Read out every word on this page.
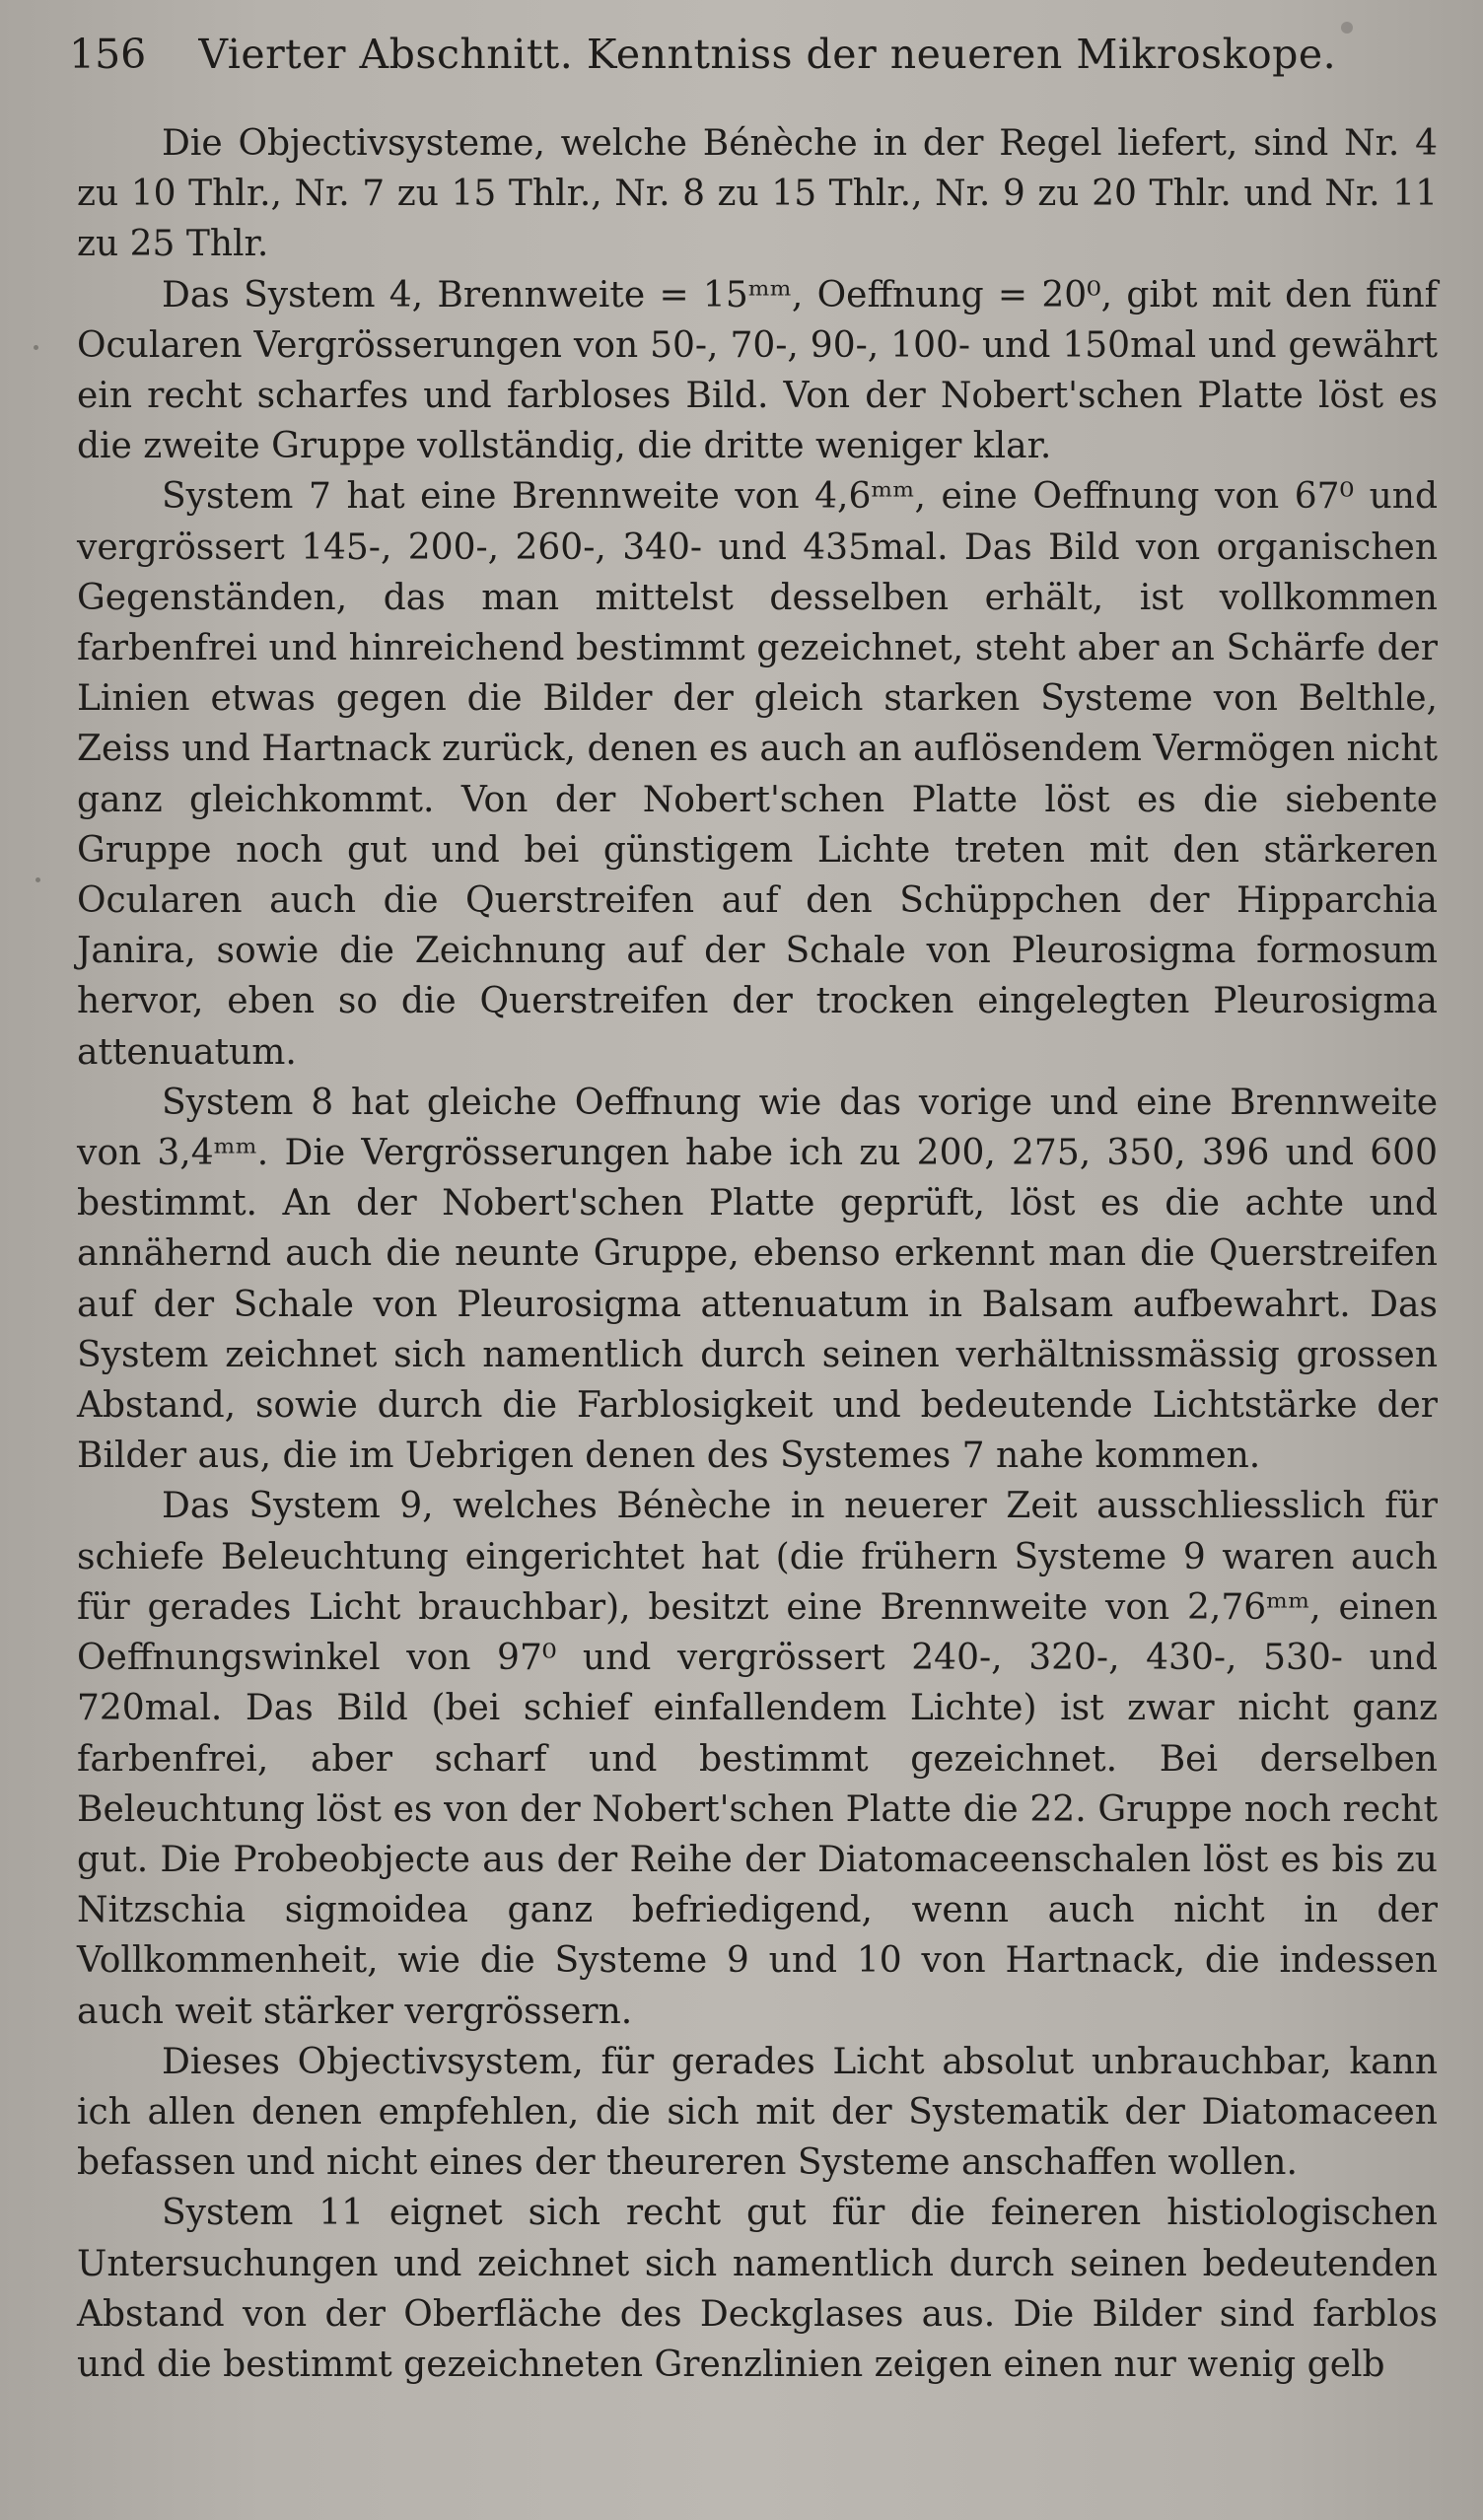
156 Vierter Abschnitt. Kenntniss der neueren Mikroskope.

Die Objectivsysteme, welche Bénèche in der Regel liefert, sind Nr. 4 zu 10 Thlr., Nr. 7 zu 15 Thlr., Nr. 8 zu 15 Thlr., Nr. 9 zu 20 Thlr. und Nr. 11 zu 25 Thlr.

Das System 4, Brennweite = 15ᵐᵐ, Oeffnung = 20⁰, gibt mit den fünf Ocularen Vergrösserungen von 50-, 70-, 90-, 100- und 150mal und gewährt ein recht scharfes und farbloses Bild. Von der Nobert'schen Platte löst es die zweite Gruppe vollständig, die dritte weniger klar.

System 7 hat eine Brennweite von 4,6ᵐᵐ, eine Oeffnung von 67⁰ und vergrössert 145-, 200-, 260-, 340- und 435mal. Das Bild von organischen Gegenständen, das man mittelst desselben erhält, ist vollkommen farbenfrei und hinreichend bestimmt gezeichnet, steht aber an Schärfe der Linien etwas gegen die Bilder der gleich starken Systeme von Belthle, Zeiss und Hartnack zurück, denen es auch an auflösendem Vermögen nicht ganz gleichkommt. Von der Nobert'schen Platte löst es die siebente Gruppe noch gut und bei günstigem Lichte treten mit den stärkeren Ocularen auch die Querstreifen auf den Schüppchen der Hipparchia Janira, sowie die Zeichnung auf der Schale von Pleurosigma formosum hervor, eben so die Querstreifen der trocken eingelegten Pleurosigma attenuatum.

System 8 hat gleiche Oeffnung wie das vorige und eine Brennweite von 3,4ᵐᵐ. Die Vergrösserungen habe ich zu 200, 275, 350, 396 und 600 bestimmt. An der Nobert'schen Platte geprüft, löst es die achte und annähernd auch die neunte Gruppe, ebenso erkennt man die Querstreifen auf der Schale von Pleurosigma attenuatum in Balsam aufbewahrt. Das System zeichnet sich namentlich durch seinen verhältnissmässig grossen Abstand, sowie durch die Farblosigkeit und bedeutende Lichtstärke der Bilder aus, die im Uebrigen denen des Systemes 7 nahe kommen.

Das System 9, welches Bénèche in neuerer Zeit ausschliesslich für schiefe Beleuchtung eingerichtet hat (die frühern Systeme 9 waren auch für gerades Licht brauchbar), besitzt eine Brennweite von 2,76ᵐᵐ, einen Oeffnungswinkel von 97⁰ und vergrössert 240-, 320-, 430-, 530- und 720mal. Das Bild (bei schief einfallendem Lichte) ist zwar nicht ganz farbenfrei, aber scharf und bestimmt gezeichnet. Bei derselben Beleuchtung löst es von der Nobert'schen Platte die 22. Gruppe noch recht gut. Die Probeobjecte aus der Reihe der Diatomaceenschalen löst es bis zu Nitzschia sigmoidea ganz befriedigend, wenn auch nicht in der Vollkommenheit, wie die Systeme 9 und 10 von Hartnack, die indessen auch weit stärker vergrössern.

Dieses Objectivsystem, für gerades Licht absolut unbrauchbar, kann ich allen denen empfehlen, die sich mit der Systematik der Diatomaceen befassen und nicht eines der theureren Systeme anschaffen wollen.

System 11 eignet sich recht gut für die feineren histiologischen Untersuchungen und zeichnet sich namentlich durch seinen bedeutenden Abstand von der Oberfläche des Deckglases aus. Die Bilder sind farblos und die bestimmt gezeichneten Grenzlinien zeigen einen nur wenig gelb
